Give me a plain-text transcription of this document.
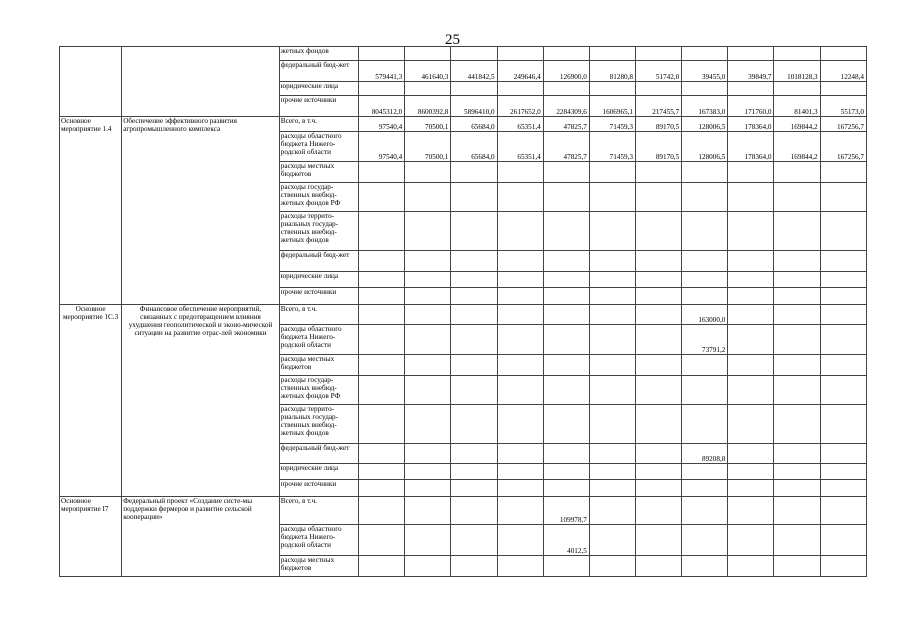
25
		жетных фондов											
		федеральный бюд-жет	579441,3	461640,3	441842,5	249646,4	126900,0	81280,8	51742,0	39455,0	39849,7	1018128,3	12248,4
		юридические лица											
		прочие источники	8045312,0	8600392,8	5896410,0	2617652,0	2284309,6	1606965,1	217455,7	167383,0	171760,0	81401,3	55173,0
Основное мероприятие 1.4	Обеспечение эффективного развития агропромышленного комплекса	Всего, в т.ч.	97540,4	70500,1	65684,0	65351,4	47825,7	71459,3	89170,5	128006,5	178364,0	169844,2	167256,7
		расходы областного бюджета Нижего-родской области	97540,4	70500,1	65684,0	65351,4	47825,7	71459,3	89170,5	128006,5	178364,0	169844,2	167256,7
		расходы местных бюджетов											
		расходы государ-ственных внебюд-жетных фондов РФ											
		расходы террито-риальных государ-ственных внебюд-жетных фондов											
		федеральный бюд-жет											
		юридические лица											
		прочие источники											
Основное мероприятие 1С.3	Финансовое обеспечение мероприятий, связанных с предотвращением влияния ухудшения геополитической и эконо-мической ситуации на развитие отрас-лей экономики	Всего, в т.ч.								163000,0			
		расходы областного бюджета Нижего-родской области								73791,2			
		расходы местных бюджетов											
		расходы государ-ственных внебюд-жетных фондов РФ											
		расходы террито-риальных государ-ственных внебюд-жетных фондов											
		федеральный бюд-жет								89208,8			
		юридические лица											
		прочие источники											
Основное мероприятие I7	Федеральный проект «Создание систе-мы поддержки фермеров и развитие сельской кооперации»	Всего, в т.ч.					109978,7						
		расходы областного бюджета Нижего-родской области					4012,5						
		расходы местных бюджетов											
